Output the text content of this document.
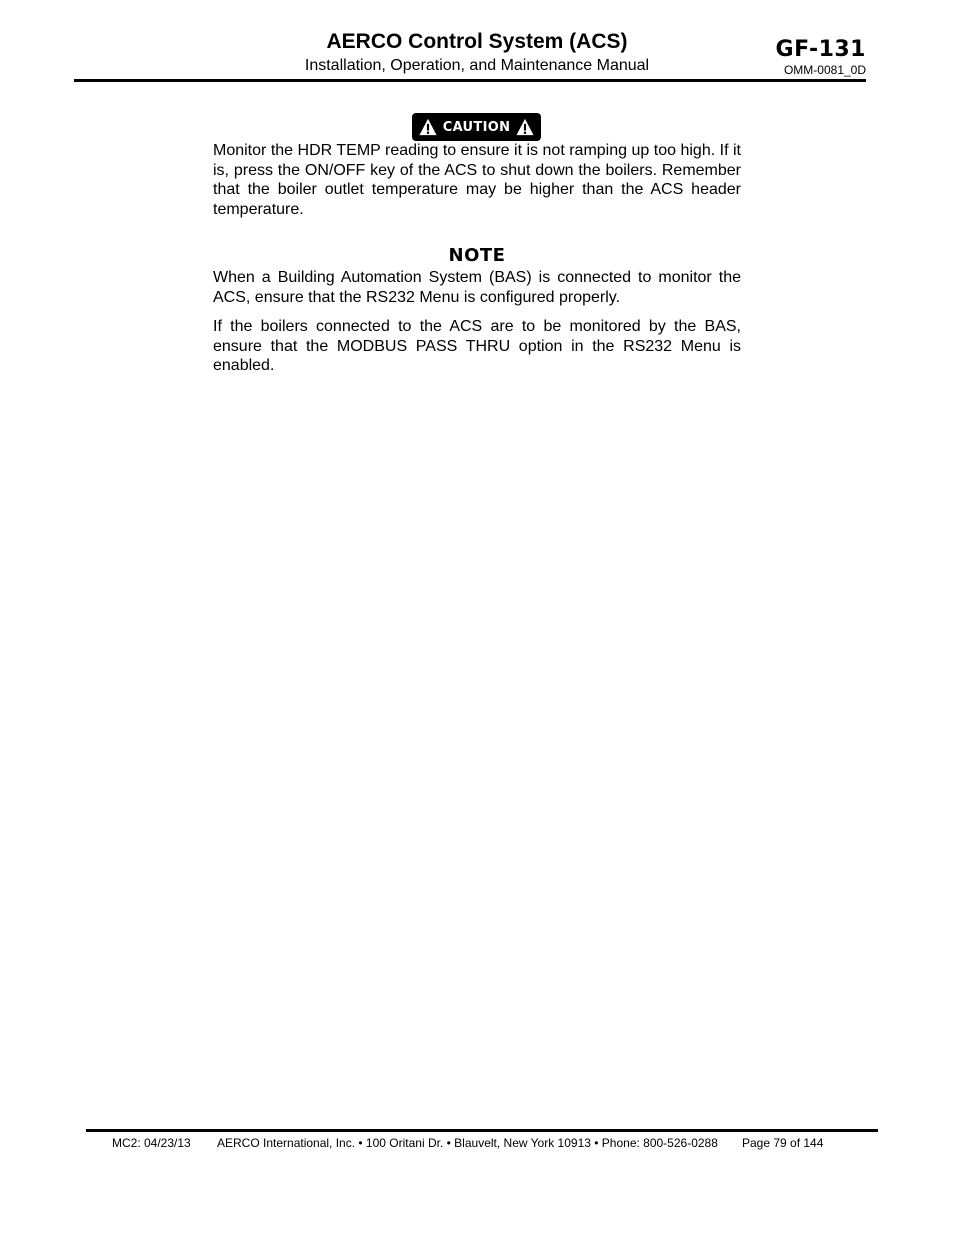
AERCO Control System (ACS)
Installation, Operation, and Maintenance Manual
GF-131
OMM-0081_0D
CAUTION

Monitor the HDR TEMP reading to ensure it is not ramping up too high. If it is, press the ON/OFF key of the ACS to shut down the boilers. Remember that the boiler outlet temperature may be higher than the ACS header temperature.

NOTE

When a Building Automation System (BAS) is connected to monitor the ACS, ensure that the RS232 Menu is configured properly.

If the boilers connected to the ACS are to be monitored by the BAS, ensure that the MODBUS PASS THRU option in the RS232 Menu is enabled.

MC2: 04/23/13 AERCO International, Inc. • 100 Oritani Dr. • Blauvelt, New York 10913 • Phone: 800-526-0288 Page 79 of 144
